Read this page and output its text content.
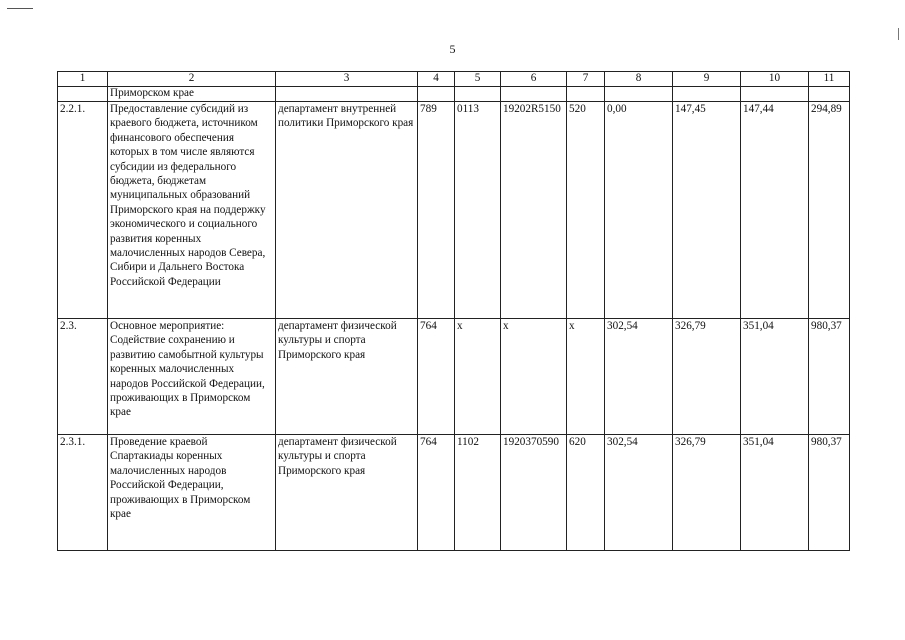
5
1	2	3	4	5	6	7	8	9	10	11
	Приморском крае									
2.2.1.	Предоставление субсидий из краевого бюджета, источником финансового обеспечения которых в том числе являются субсидии из федерального бюджета, бюджетам муниципальных образований Приморского края на поддержку экономического и социального развития коренных малочисленных народов Севера, Сибири и Дальнего Востока Российской Федерации	департамент внутренней политики Приморского края	789	0113	19202R5150	520	0,00	147,45	147,44	294,89
2.3.	Основное мероприятие: Содействие сохранению и развитию самобытной культуры коренных малочисленных народов Российской Федерации, проживающих в Приморском крае	департамент физической культуры и спорта Приморского края	764	x	x	x	302,54	326,79	351,04	980,37
2.3.1.	Проведение краевой Спартакиады коренных малочисленных народов Российской Федерации, проживающих в Приморском крае	департамент физической культуры и спорта Приморского края	764	1102	1920370590	620	302,54	326,79	351,04	980,37
